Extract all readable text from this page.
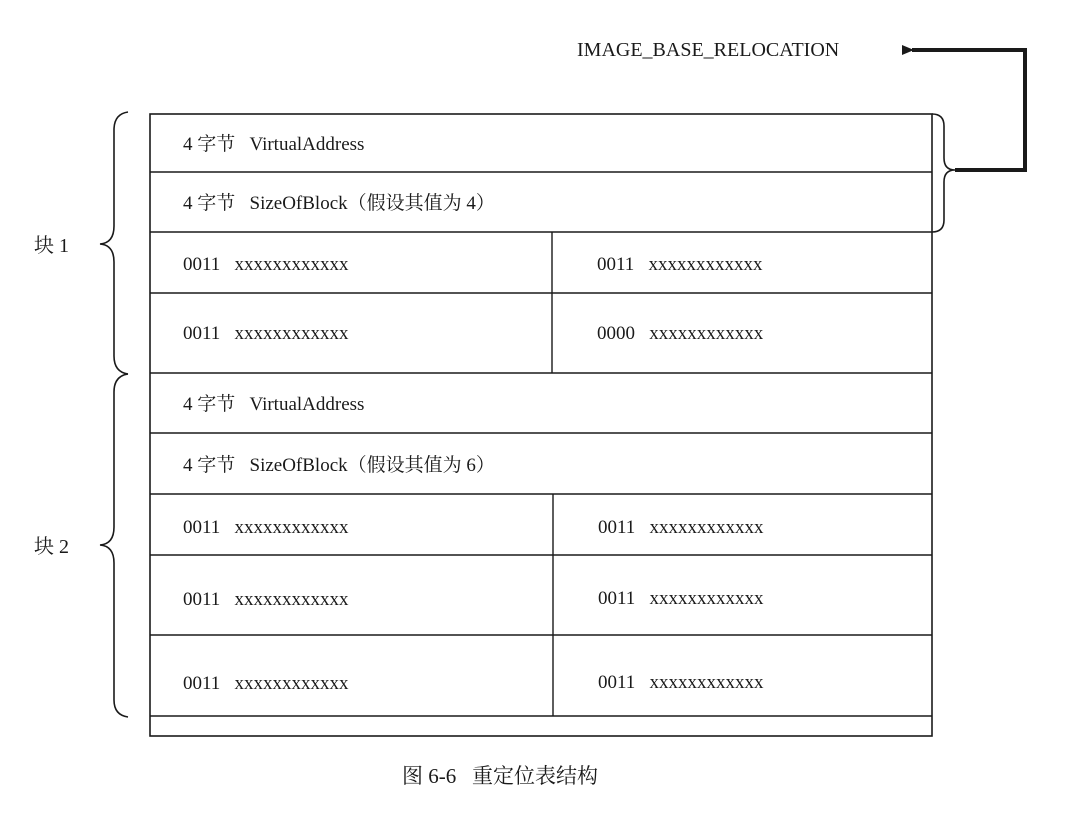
IMAGE_BASE_RELOCATION
4 字节   VirtualAddress
4 字节   SizeOfBlock（假设其值为 4）
0011   xxxxxxxxxxxx	0011   xxxxxxxxxxxx
0011   xxxxxxxxxxxx	0000   xxxxxxxxxxxx
4 字节   VirtualAddress
4 字节   SizeOfBlock（假设其值为 6）
0011   xxxxxxxxxxxx	0011   xxxxxxxxxxxx
0011   xxxxxxxxxxxx	0011   xxxxxxxxxxxx
0011   xxxxxxxxxxxx	0011   xxxxxxxxxxxx
块 1
块 2
图 6-6   重定位表结构
